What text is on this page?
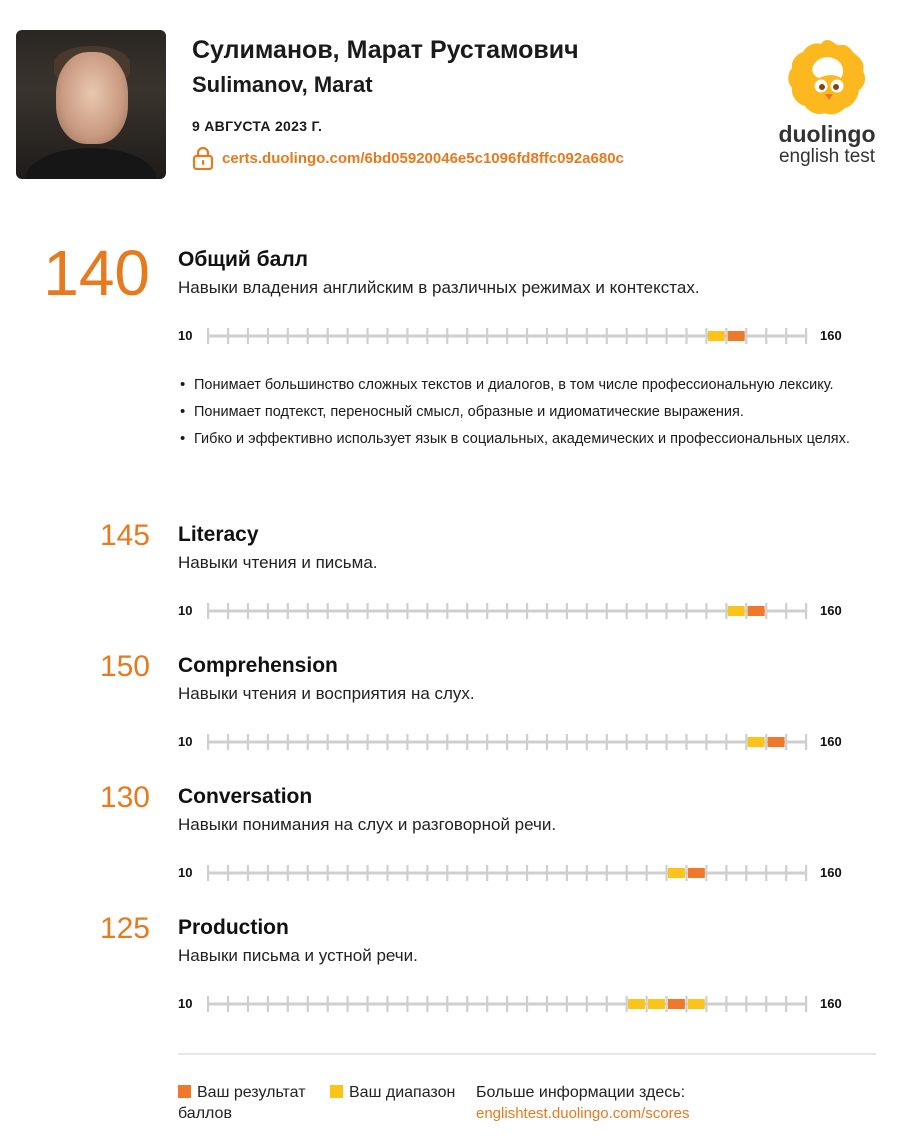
Сулиманов, Марат Рустамович
Sulimanov, Marat
9 АВГУСТА 2023 Г.
certs.duolingo.com/6bd05920046e5c1096fd8ffc092a680c
duolingo
english test
140 Общий балл
Навыки владения английским в различных режимах и контекстах.
10	160
• Понимает большинство сложных текстов и диалогов, в том числе профессиональную лексику.
• Понимает подтекст, переносный смысл, образные и идиоматические выражения.
• Гибко и эффективно использует язык в социальных, академических и профессиональных целях.
145 Literacy
Навыки чтения и письма.
10	160
150 Comprehension
Навыки чтения и восприятия на слух.
10	160
130 Conversation
Навыки понимания на слух и разговорной речи.
10	160
125 Production
Навыки письма и устной речи.
10	160
Ваш результат баллов
Ваш диапазон Больше информации здесь:
englishtest.duolingo.com/scores
